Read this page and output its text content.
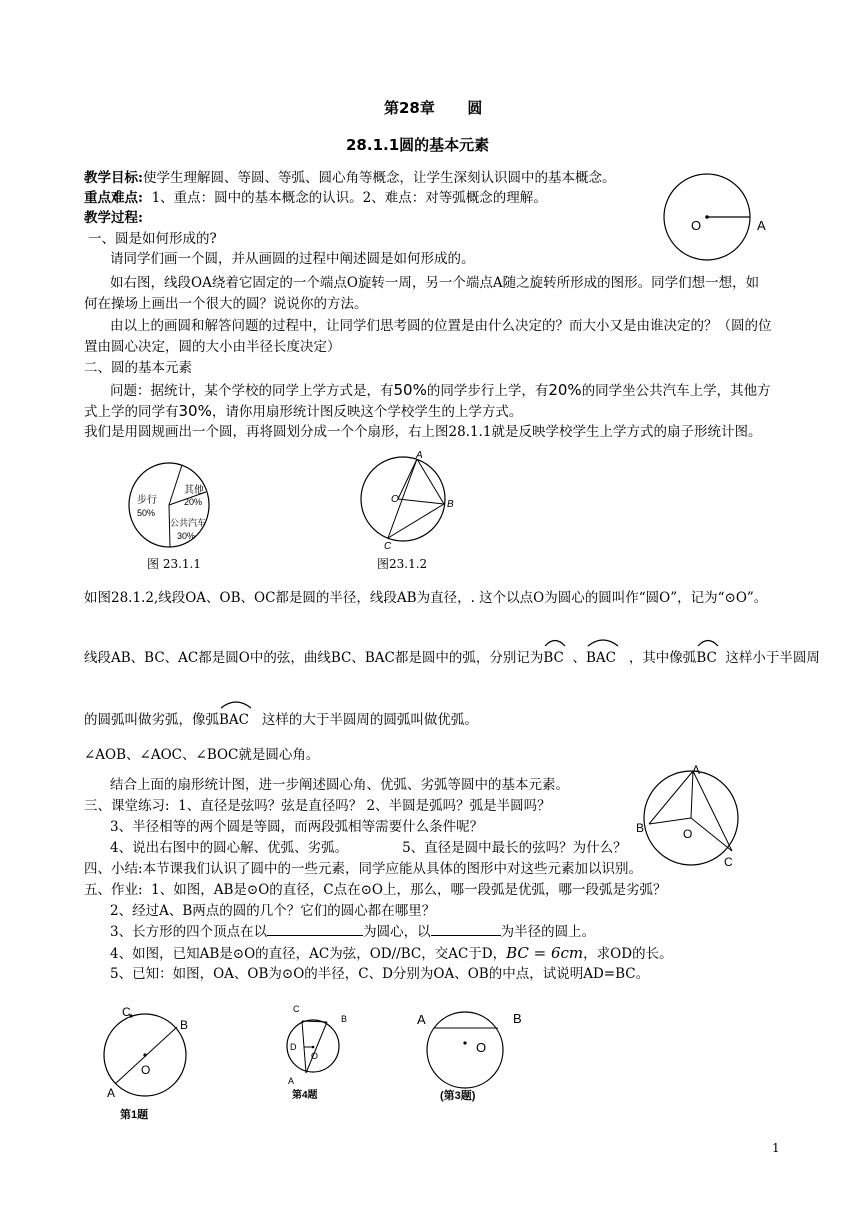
第28章 圆
28.1.1圆的基本元素
教学目标:使学生理解圆、等圆、等弧、圆心角等概念，让学生深刻认识圆中的基本概念。
重点难点: 1、重点：圆中的基本概念的认识。2、难点：对等弧概念的理解。
教学过程:	O	A
一、圆是如何形成的?
请同学们画一个圆，并从画圆的过程中阐述圆是如何形成的。
如右图，线段OA绕着它固定的一个端点O旋转一周，另一个端点A随之旋转所形成的图形。同学们想一想，如
何在操场上画出一个很大的圆？说说你的方法。
由以上的画圆和解答问题的过程中，让同学们思考圆的位置是由什么决定的？而大小又是由谁决定的？（圆的位
置由圆心决定，圆的大小由半径长度决定）
二、圆的基本元素
问题：据统计，某个学校的同学上学方式是，有50%的同学步行上学，有20%的同学坐公共汽车上学，其他方
式上学的同学有30%，请你用扇形统计图反映这个学校学生的上学方式。
我们是用圆规画出一个圆，再将圆划分成一个个扇形，右上图28.1.1就是反映学校学生上学方式的扇子形统计图。
步行
50%
其他
20%
公共汽车
30%
图 23.1.1
A
O	B
C
图23.1.2
如图28.1.2,线段OA、OB、OC都是圆的半径，线段AB为直径，. 这个以点O为圆心的圆叫作“圆O”，记为“⊙O”。
线段AB、BC、AC都是圆O中的弦，曲线BC、BAC都是圆中的弧，分别记为
BC 、
BAC ，其中像弧
BC 这样小于半圆周
的圆弧叫做劣弧，像弧
BAC 这样的大于半圆周的圆弧叫做优弧。
∠AOB、∠AOC、∠BOC就是圆心角。
结合上面的扇形统计图，进一步阐述圆心角、优弧、劣弧等圆中的基本元素。
A
B	O
C
三、课堂练习: 1、直径是弦吗？弦是直径吗？ 2、半圆是弧吗？弧是半圆吗？
3、半径相等的两个圆是等圆，而两段弧相等需要什么条件呢？
4、说出右图中的圆心解、优弧、劣弧。	5、直径是圆中最长的弦吗？为什么？
四、小结:本节课我们认识了圆中的一些元素，同学应能从具体的图形中对这些元素加以识别。
五、作业: 1、如图，AB是⊙O的直径，C点在⊙O上，那么，哪一段弧是优弧，哪一段弧是劣弧？
2、经过A、B两点的圆的几个？它们的圆心都在哪里？
3、长方形的四个顶点在以	为圆心，以	为半径的圆上。
4、如图，已知AB是⊙O的直径，AC为弦，OD//BC，交AC于D，BC = 6cm，求OD的长。
5、已知：如图，OA、OB为⊙O的半径，C、D分别为OA、OB的中点，试说明AD=BC。
C
B
O
A
第1题
C
B
D
O
A
第4题
A	B
O
(第3题)
1
